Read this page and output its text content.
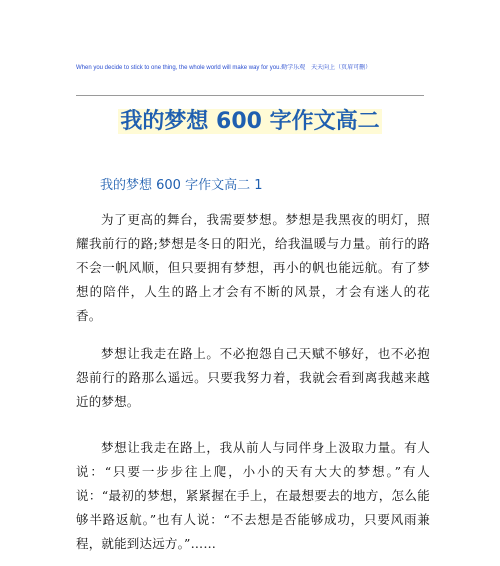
When you decide to stick to one thing, the whole world will make way for you.勤学乐观　天天向上（页眉可删）
我的梦想 600 字作文高二
我的梦想 600 字作文高二 1

为了更高的舞台，我需要梦想。梦想是我黑夜的明灯，照耀我前行的路;梦想是冬日的阳光，给我温暖与力量。前行的路不会一帆风顺，但只要拥有梦想，再小的帆也能远航。有了梦想的陪伴，人生的路上才会有不断的风景，才会有迷人的花香。

梦想让我走在路上。不必抱怨自己天赋不够好，也不必抱怨前行的路那么遥远。只要我努力着，我就会看到离我越来越近的梦想。

梦想让我走在路上，我从前人与同伴身上汲取力量。有人说：“只要一步步往上爬，小小的天有大大的梦想。”有人说：“最初的梦想，紧紧握在手上，在最想要去的地方，怎么能够半路返航。”也有人说：“不去想是否能够成功，只要风雨兼程，就能到达远方。”……
